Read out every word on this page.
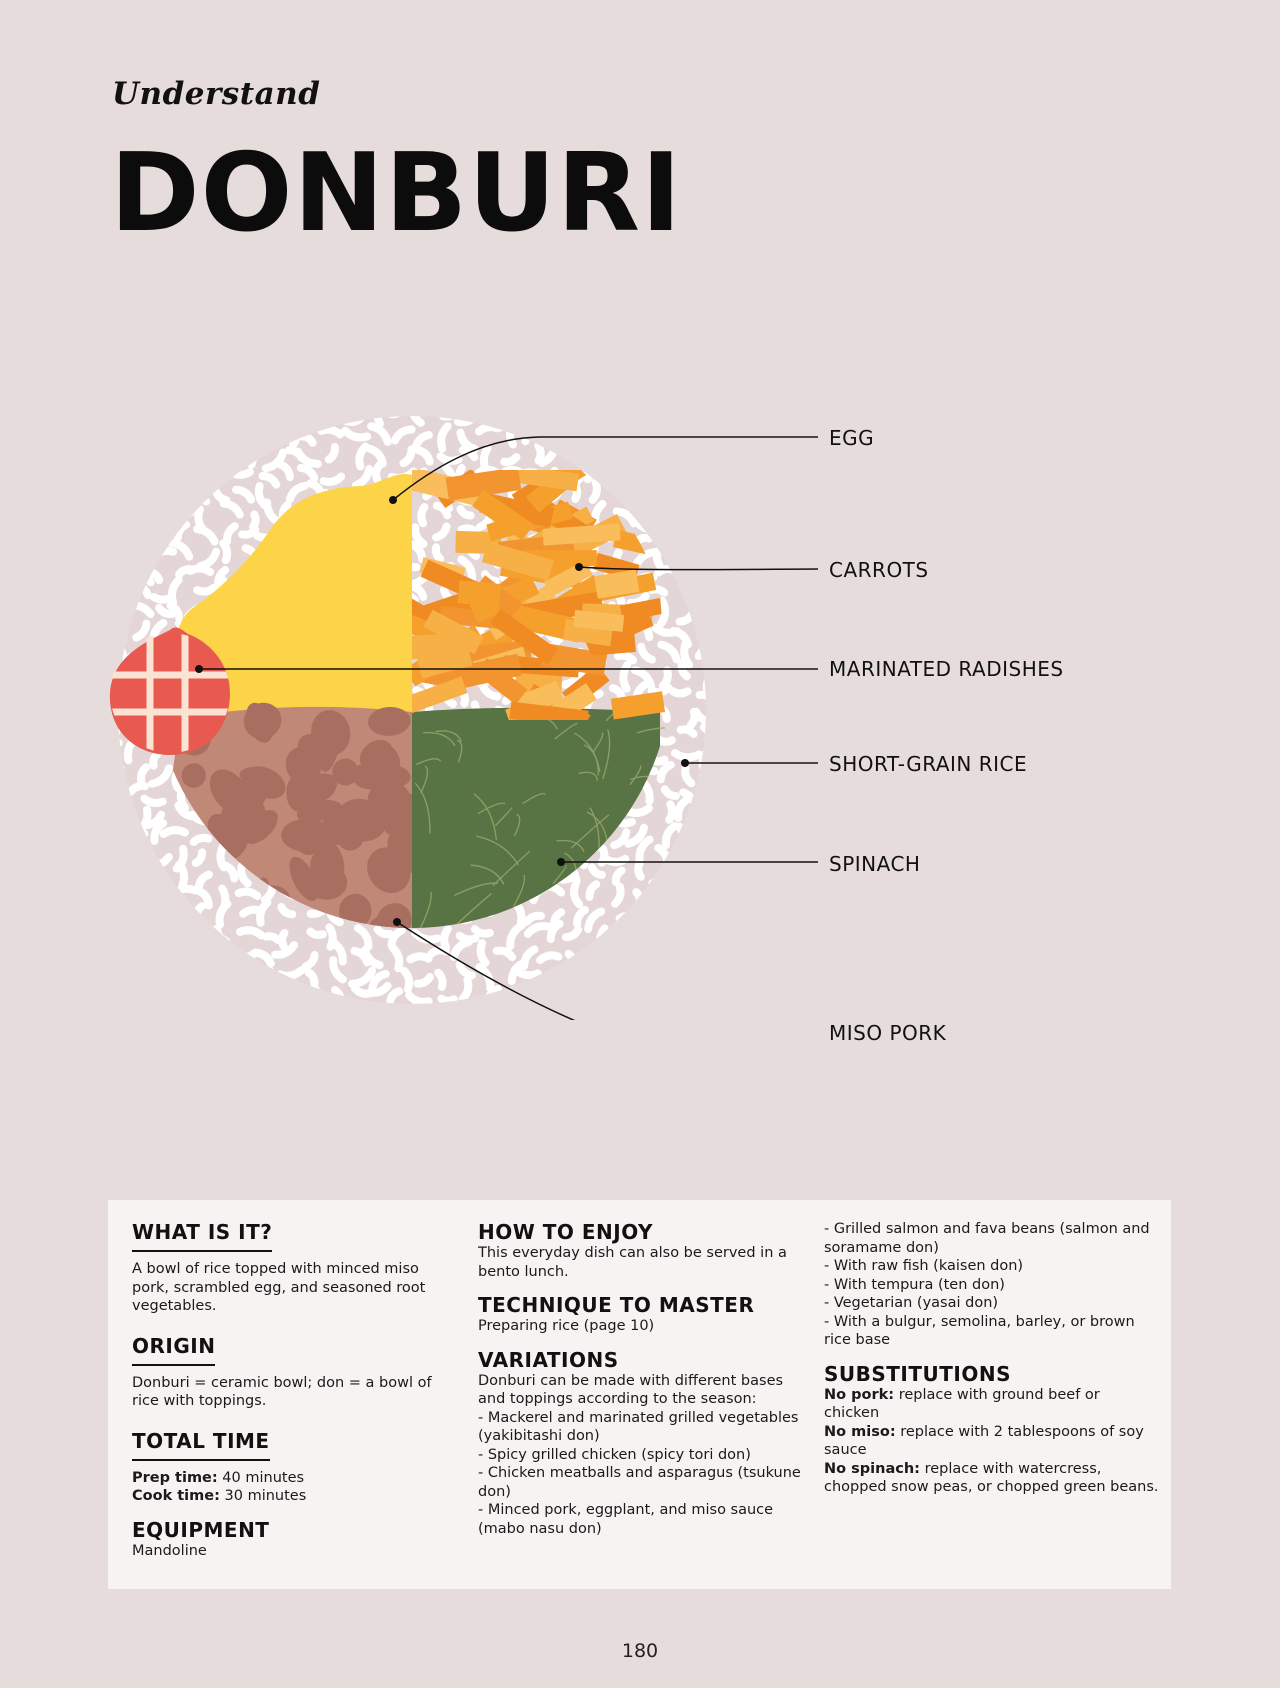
Understand
DONBURI
EGG
CARROTS
MARINATED RADISHES
SHORT-GRAIN RICE
SPINACH
MISO PORK
WHAT IS IT?

A bowl of rice topped with minced miso pork, scrambled egg, and seasoned root vegetables.

ORIGIN

Donburi = ceramic bowl; don = a bowl of rice with toppings.

TOTAL TIME

Prep time: 40 minutes

Cook time: 30 minutes

EQUIPMENT

Mandoline

HOW TO ENJOY

This everyday dish can also be served in a bento lunch.

TECHNIQUE TO MASTER

Preparing rice (page 10)

VARIATIONS

Donburi can be made with different bases and toppings according to the season:

- Mackerel and marinated grilled vegetables (yakibitashi don)
- Spicy grilled chicken (spicy tori don)
- Chicken meatballs and asparagus (tsukune don)
- Minced pork, eggplant, and miso sauce (mabo nasu don)
- Grilled salmon and fava beans (salmon and soramame don)
- With raw fish (kaisen don)
- With tempura (ten don)
- Vegetarian (yasai don)
- With a bulgur, semolina, barley, or brown rice base
SUBSTITUTIONS

No pork: replace with ground beef or chicken

No miso: replace with 2 tablespoons of soy sauce

No spinach: replace with watercress, chopped snow peas, or chopped green beans.

180
